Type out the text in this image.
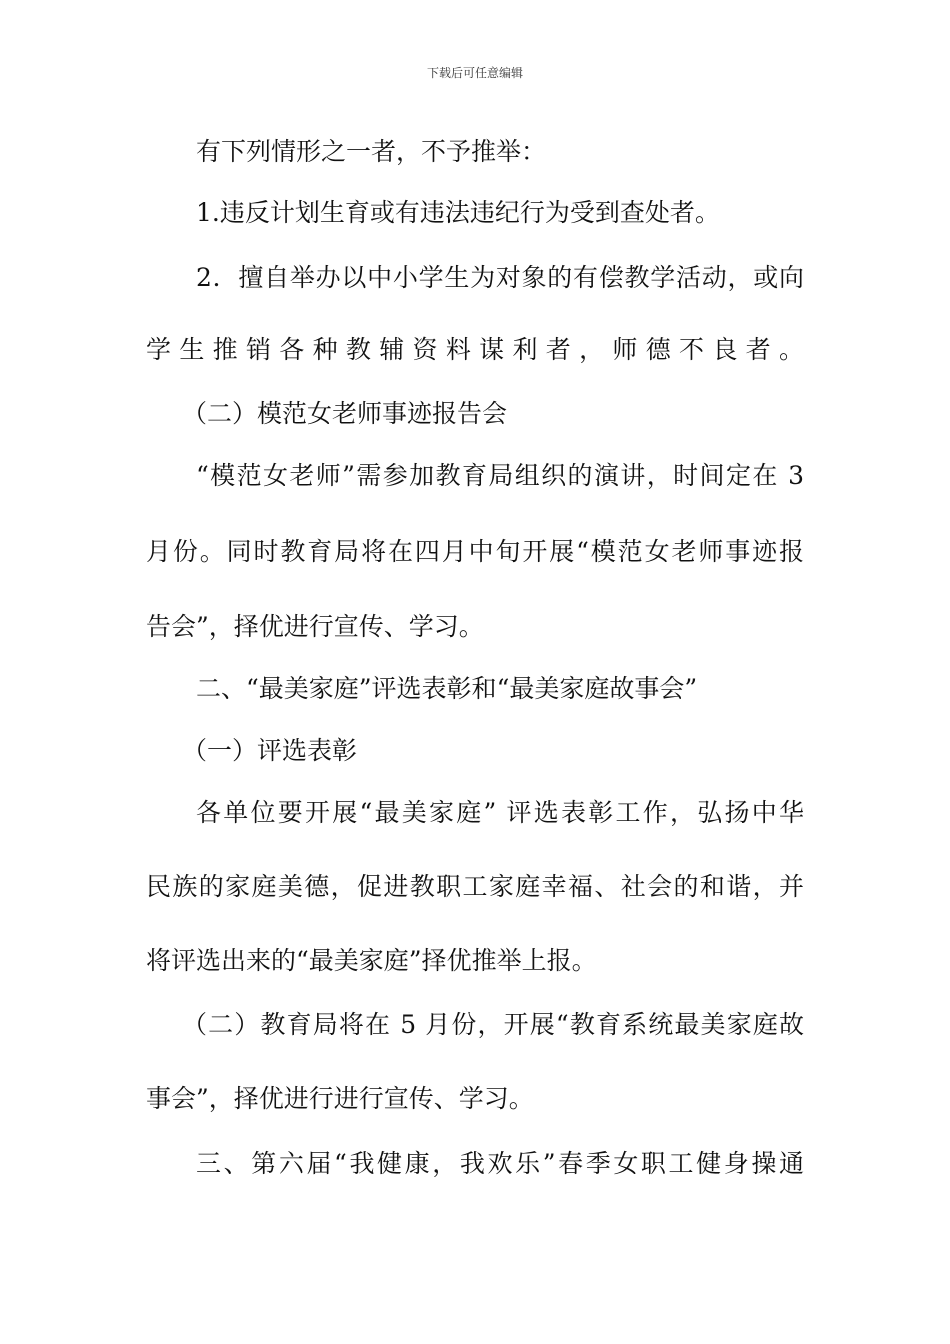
下载后可任意编辑
有下列情形之一者，不予推举：
1.违反计划生育或有违法违纪行为受到查处者。
2．擅自举办以中小学生为对象的有偿教学活动，或向
学生推销各种教辅资料谋利者，师德不良者。
（二）模范女老师事迹报告会
“模范女老师”需参加教育局组织的演讲，时间定在 3
月份。同时教育局将在四月中旬开展“模范女老师事迹报
告会”，择优进行宣传、学习。
二、“最美家庭”评选表彰和“最美家庭故事会”
（一）评选表彰
各单位要开展“最美家庭” 评选表彰工作，弘扬中华
民族的家庭美德，促进教职工家庭幸福、社会的和谐，并
将评选出来的“最美家庭”择优推举上报。
（二）教育局将在 5 月份，开展“教育系统最美家庭故
事会”，择优进行进行宣传、学习。
三、第六届“我健康，我欢乐”春季女职工健身操通
